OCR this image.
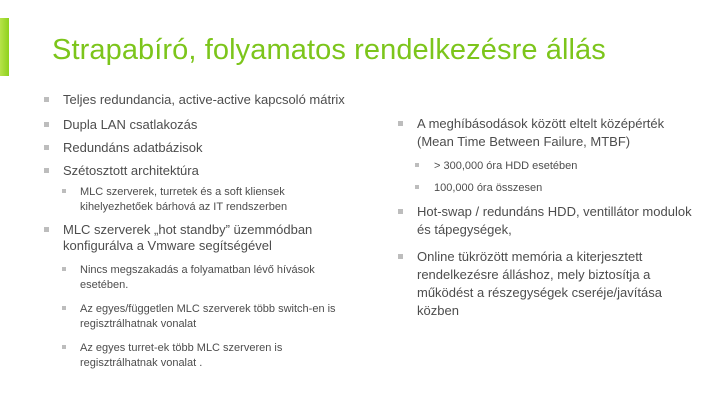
Strapabíró, folyamatos rendelkezésre állás
Teljes redundancia, active-active kapcsoló mátrix
Dupla LAN csatlakozás
Redundáns adatbázisok
Szétosztott architektúra
MLC szerverek, turretek és a soft kliensek kihelyezhetőek bárhová az IT rendszerben
MLC szerverek „hot standby” üzemmódban konfigurálva a Vmware segítségével
Nincs megszakadás a folyamatban lévő hívások esetében.
Az egyes/független MLC szerverek több switch-en is regisztrálhatnak vonalat
Az egyes turret-ek több MLC szerveren is regisztrálhatnak vonalat .
A meghíbásodások között eltelt középérték (Mean Time Between Failure, MTBF)
> 300,000 óra HDD esetében
100,000 óra összesen
Hot-swap / redundáns HDD, ventillátor modulok és tápegységek,
Online tükrözött memória a kiterjesztett rendelkezésre álláshoz, mely biztosítja a működést a részegységek cseréje/javítása közben
